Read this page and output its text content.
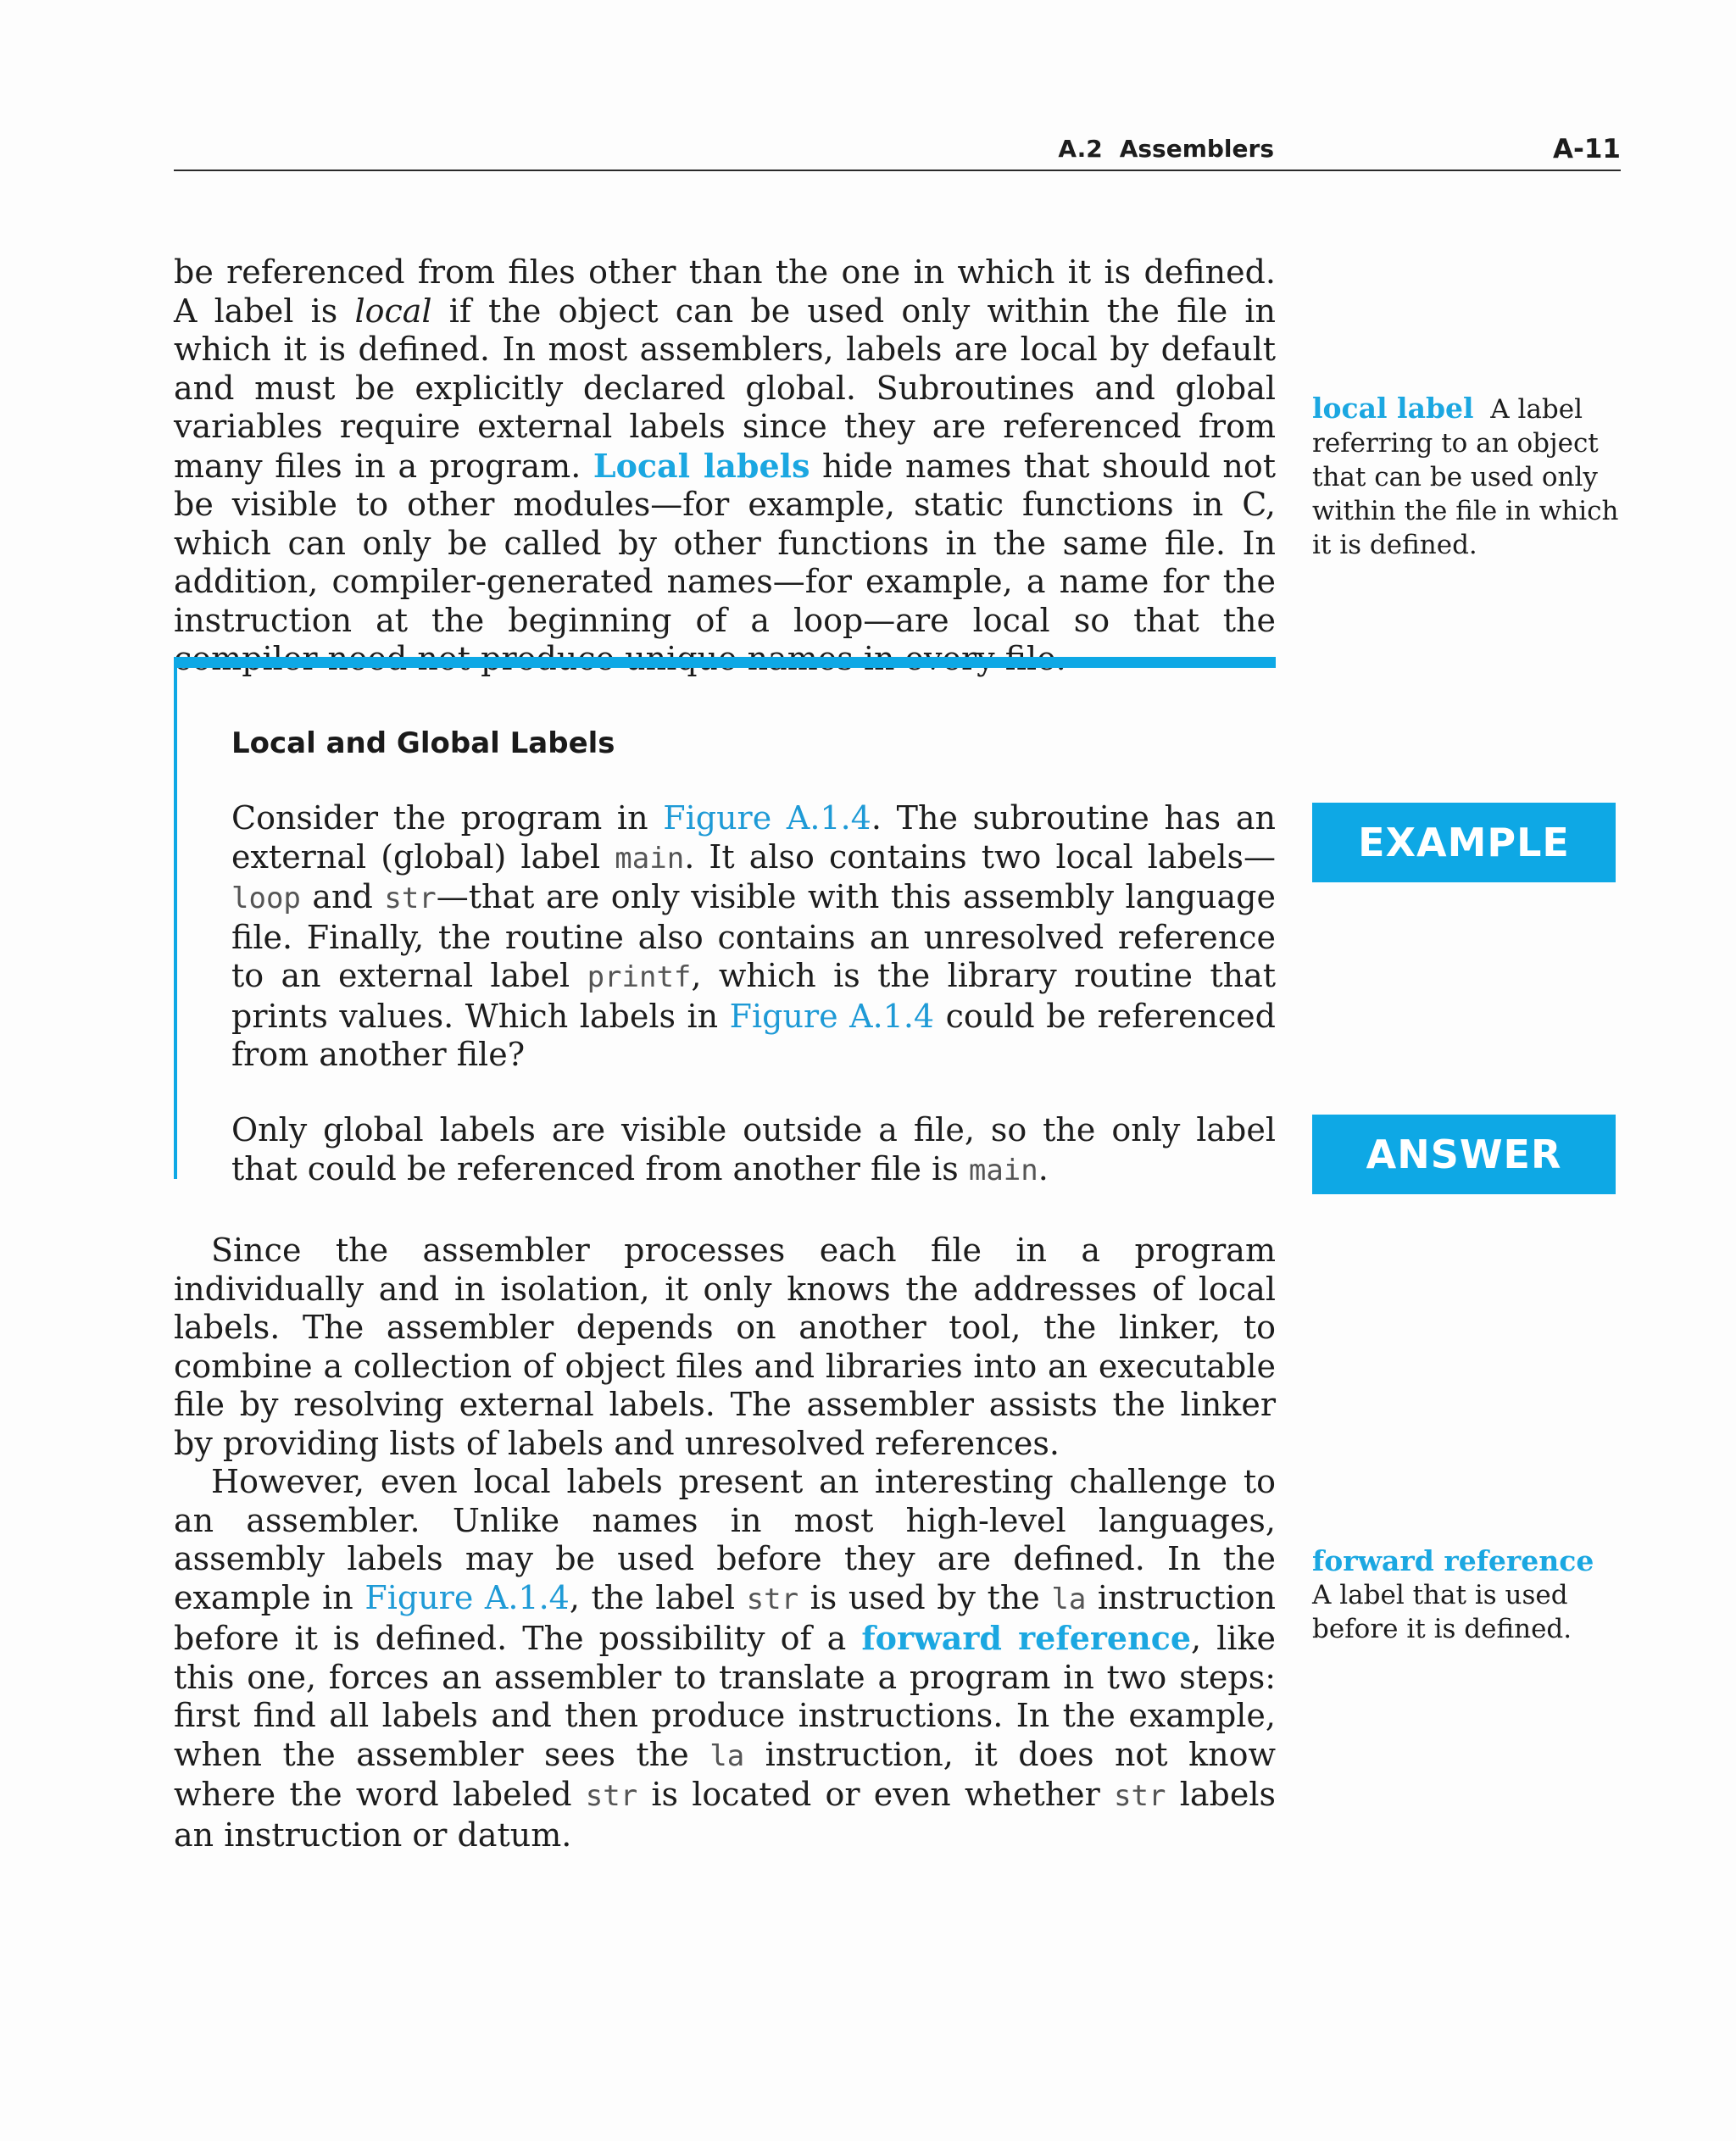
A.2 Assemblers	A-11

be referenced from files other than the one in which it is defined. A label is local if the object can be used only within the file in which it is defined. In most assemblers, labels are local by default and must be explicitly declared global. Subroutines and global variables require external labels since they are referenced from many files in a program. Local labels hide names that should not be visible to other modules—for example, static functions in C, which can only be called by other functions in the same file. In addition, compiler-generated names—for example, a name for the instruction at the beginning of a loop—are local so that the

local label A label referring to an object that can be used only within the file in which it is defined.
Local and Global Labels

Consider the program in Figure A.1.4. The subroutine has an external (global) label main. It also contains two local labels—loop and str—that are only visible with this assembly language file. Finally, the routine also contains an unresolved reference to an external label printf, which is the library routine that prints values. Which labels in Figure A.1.4 could be referenced from another file?

Only global labels are visible outside a file, so the only label that could be referenced from another file is main.

EXAMPLE
ANSWER

Since the assembler processes each file in a program individually and in isolation, it only knows the addresses of local labels. The assembler depends on another tool, the linker, to combine a collection of object files and libraries into an executable file by resolving external labels. The assembler assists the linker by providing lists of labels and unresolved references.

However, even local labels present an interesting challenge to an assembler. Unlike names in most high-level languages, assembly labels may be used before they are defined. In the example in Figure A.1.4, the label str is used by the la instruction before it is defined. The possibility of a forward reference, like this one, forces an assembler to translate a program in two steps: first find all labels and then produce instructions. In the example, when the assembler sees the la instruction, it does not know where the word labeled str is located or even whether str labels an instruction or datum.

forward reference
A label that is used before it is defined.
